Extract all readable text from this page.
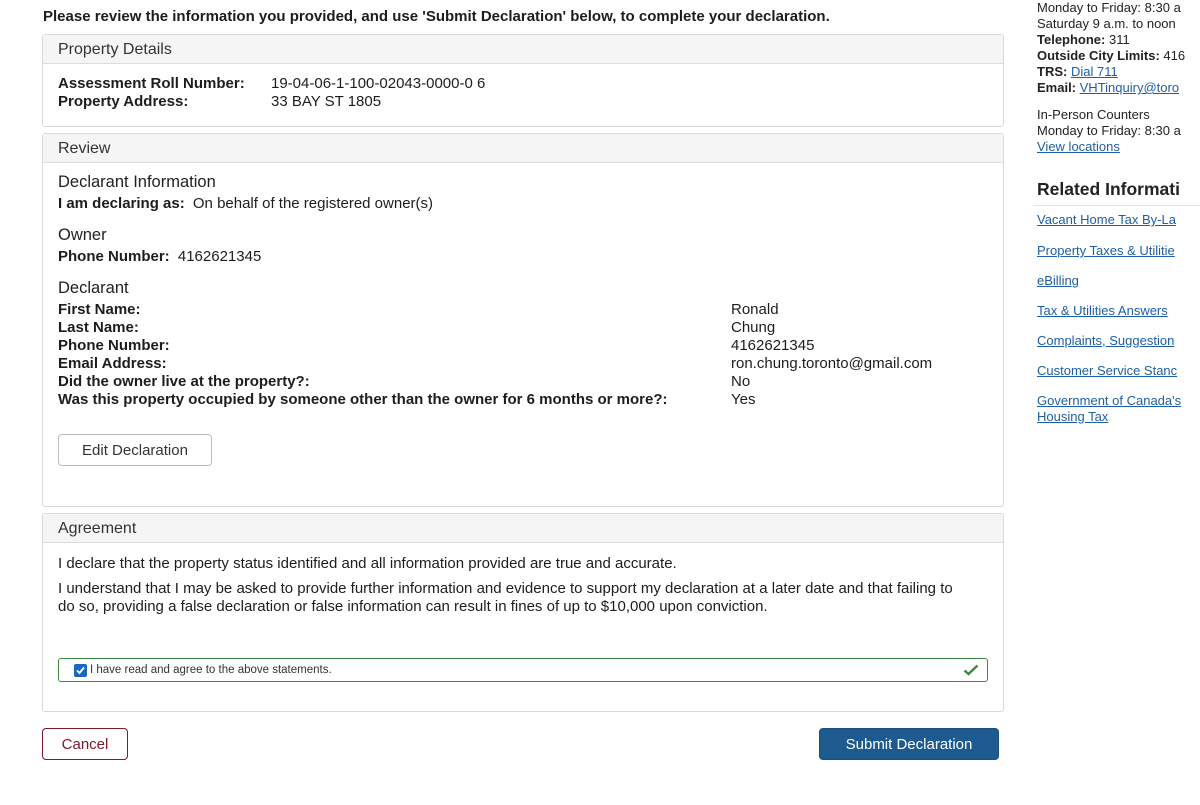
Please review the information you provided, and use 'Submit Declaration' below, to complete your declaration.
Property Details
Assessment Roll Number: 19-04-06-1-100-02043-0000-0 6
Property Address:	33 BAY ST 1805
Review
Declarant Information
I am declaring as: On behalf of the registered owner(s)
Owner
Phone Number: 4162621345
Declarant
First Name:	Ronald
Last Name:	Chung
Phone Number:	4162621345
Email Address:	ron.chung.toronto@gmail.com
Did the owner live at the property?:	No
Was this property occupied by someone other than the owner for 6 months or more?:	Yes
Edit Declaration
Agreement
I declare that the property status identified and all information provided are true and accurate.
I understand that I may be asked to provide further information and evidence to support my declaration at a later date and that failing to do so, providing a false declaration or false information can result in fines of up to $10,000 upon conviction.
I have read and agree to the above statements.
Cancel	Submit Declaration
Monday to Friday: 8:30 a
Saturday 9 a.m. to noon
Telephone: 311
Outside City Limits: 416
TRS: Dial 711
Email: VHTinquiry@toro
In-Person Counters
Monday to Friday: 8:30 a
View locations
Related Informati
Vacant Home Tax By-La
Property Taxes & Utilitie
eBilling
Tax & Utilities Answers
Complaints, Suggestion
Customer Service Stanc
Government of Canada's
Housing Tax
